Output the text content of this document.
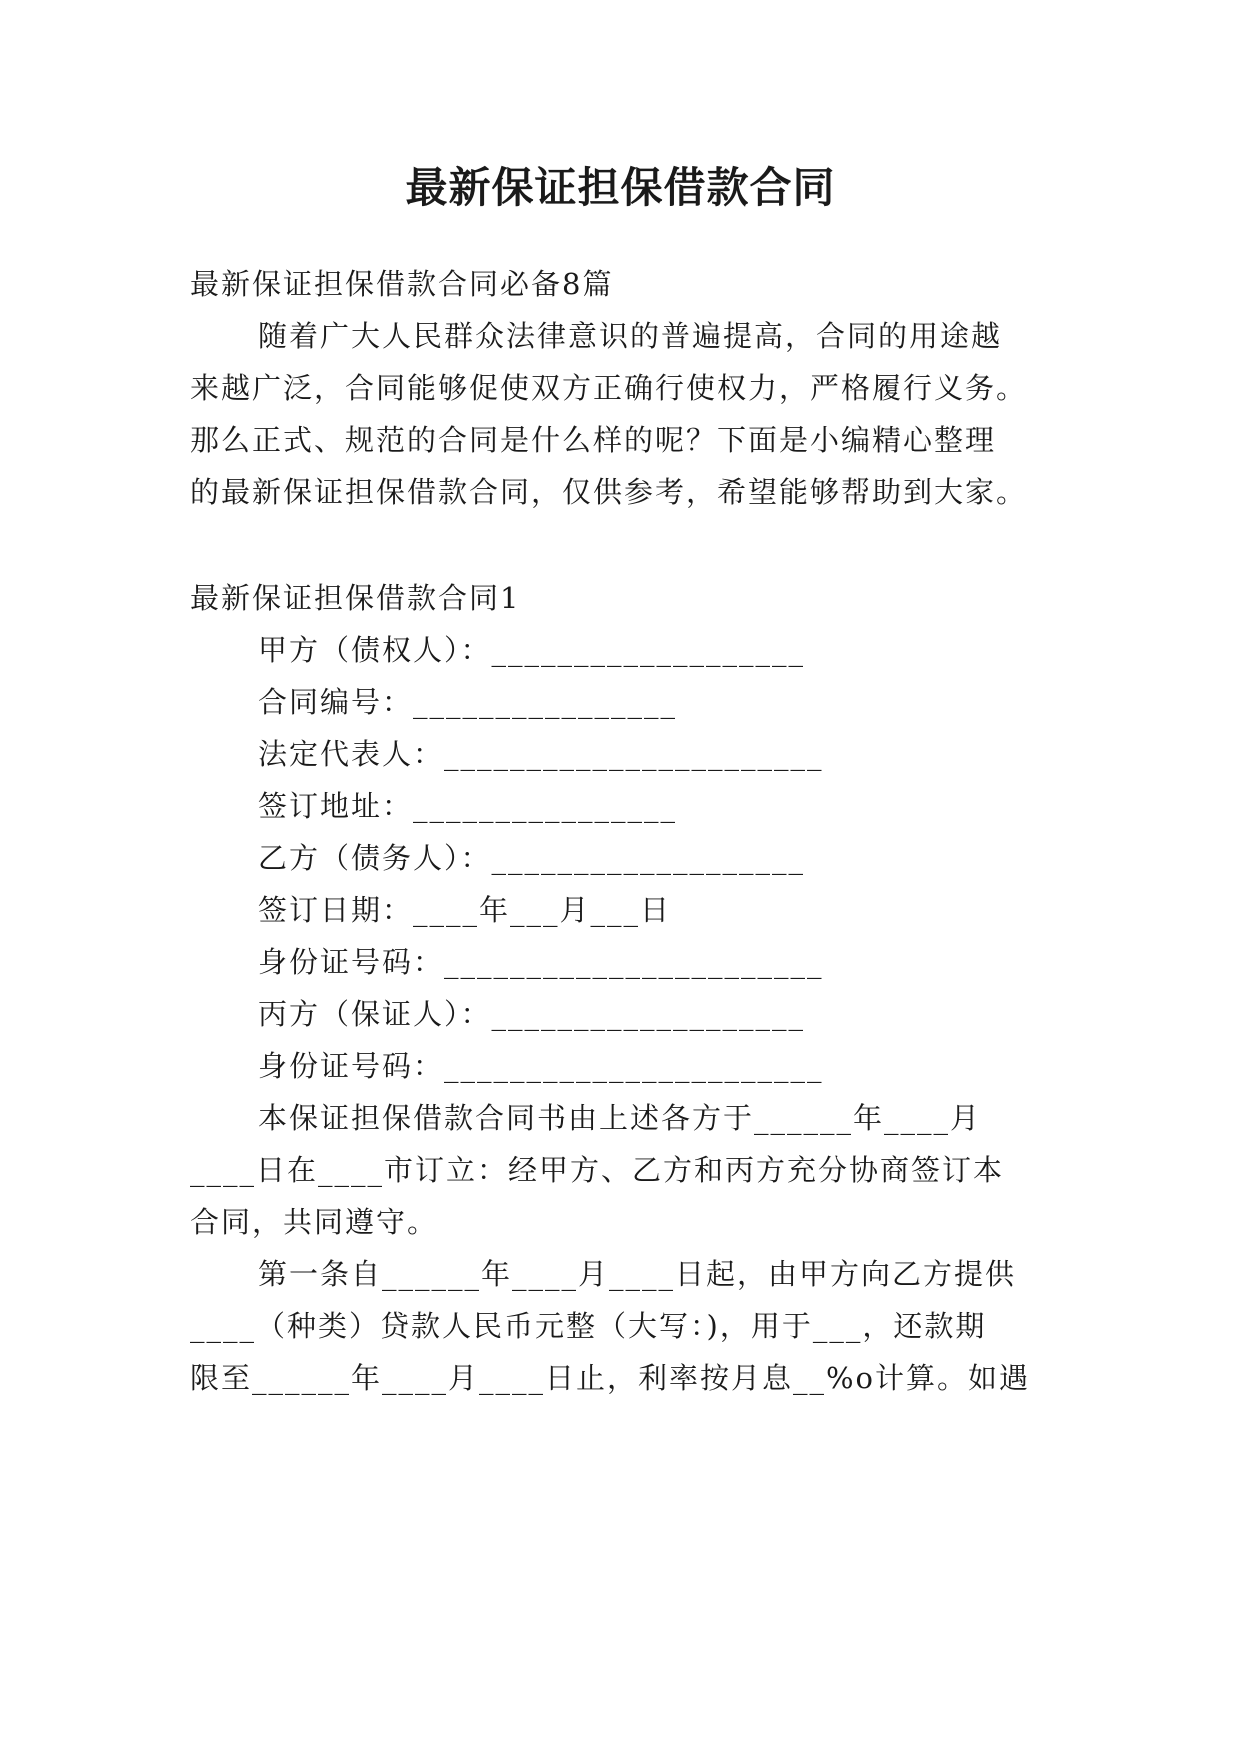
最新保证担保借款合同
最新保证担保借款合同必备8篇
随着广大人民群众法律意识的普遍提高，合同的用途越
来越广泛，合同能够促使双方正确行使权力，严格履行义务。
那么正式、规范的合同是什么样的呢？下面是小编精心整理
的最新保证担保借款合同，仅供参考，希望能够帮助到大家。
最新保证担保借款合同1
甲方（债权人）：___________________
合同编号：________________
法定代表人：_______________________
签订地址：________________
乙方（债务人）：___________________
签订日期：____年___月___日
身份证号码：_______________________
丙方（保证人）：___________________
身份证号码：_______________________
本保证担保借款合同书由上述各方于______年____月
____日在____市订立：经甲方、乙方和丙方充分协商签订本
合同，共同遵守。
第一条自______年____月____日起，由甲方向乙方提供
____（种类）贷款人民币元整（大写：)，用于___，还款期
限至______年____月____日止，利率按月息__%o计算。如遇
